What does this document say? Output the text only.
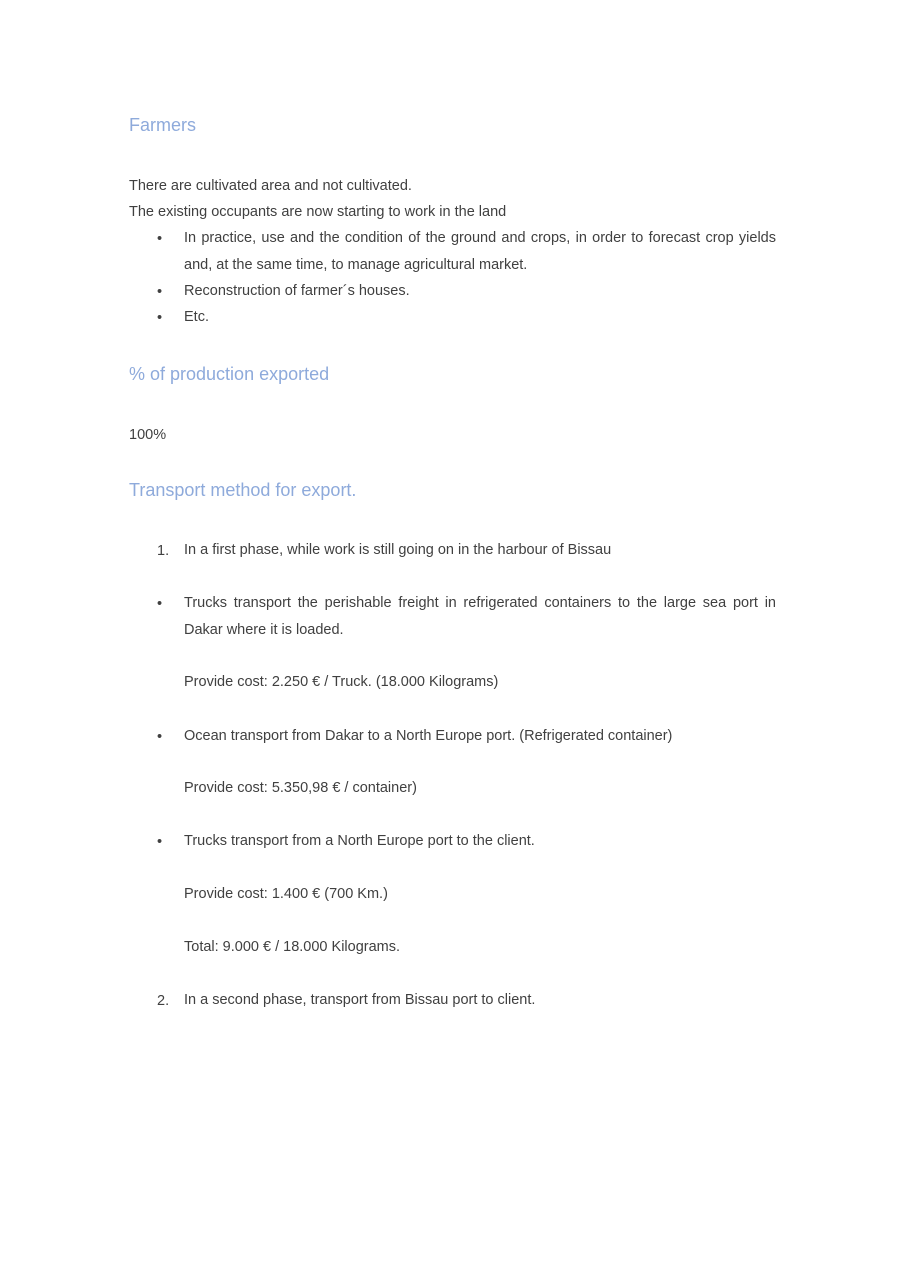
Farmers
There are cultivated area and not cultivated.
The existing occupants are now starting to work in the land
• In practice, use and the condition of the ground and crops, in order to forecast crop yields and, at the same time, to manage agricultural market.
• Reconstruction of farmer´s houses.
• Etc.
% of production exported
100%
Transport method for export.
1. In a first phase, while work is still going on in the harbour of Bissau
• Trucks transport the perishable freight in refrigerated containers to the large sea port in Dakar where it is loaded.
Provide cost: 2.250 € / Truck. (18.000 Kilograms)
• Ocean transport from Dakar to a North Europe port. (Refrigerated container)
Provide cost: 5.350,98 € / container)
• Trucks transport from a North Europe port to the client.
Provide cost: 1.400 € (700 Km.)
Total: 9.000 € / 18.000 Kilograms.
2. In a second phase, transport from Bissau port to client.
